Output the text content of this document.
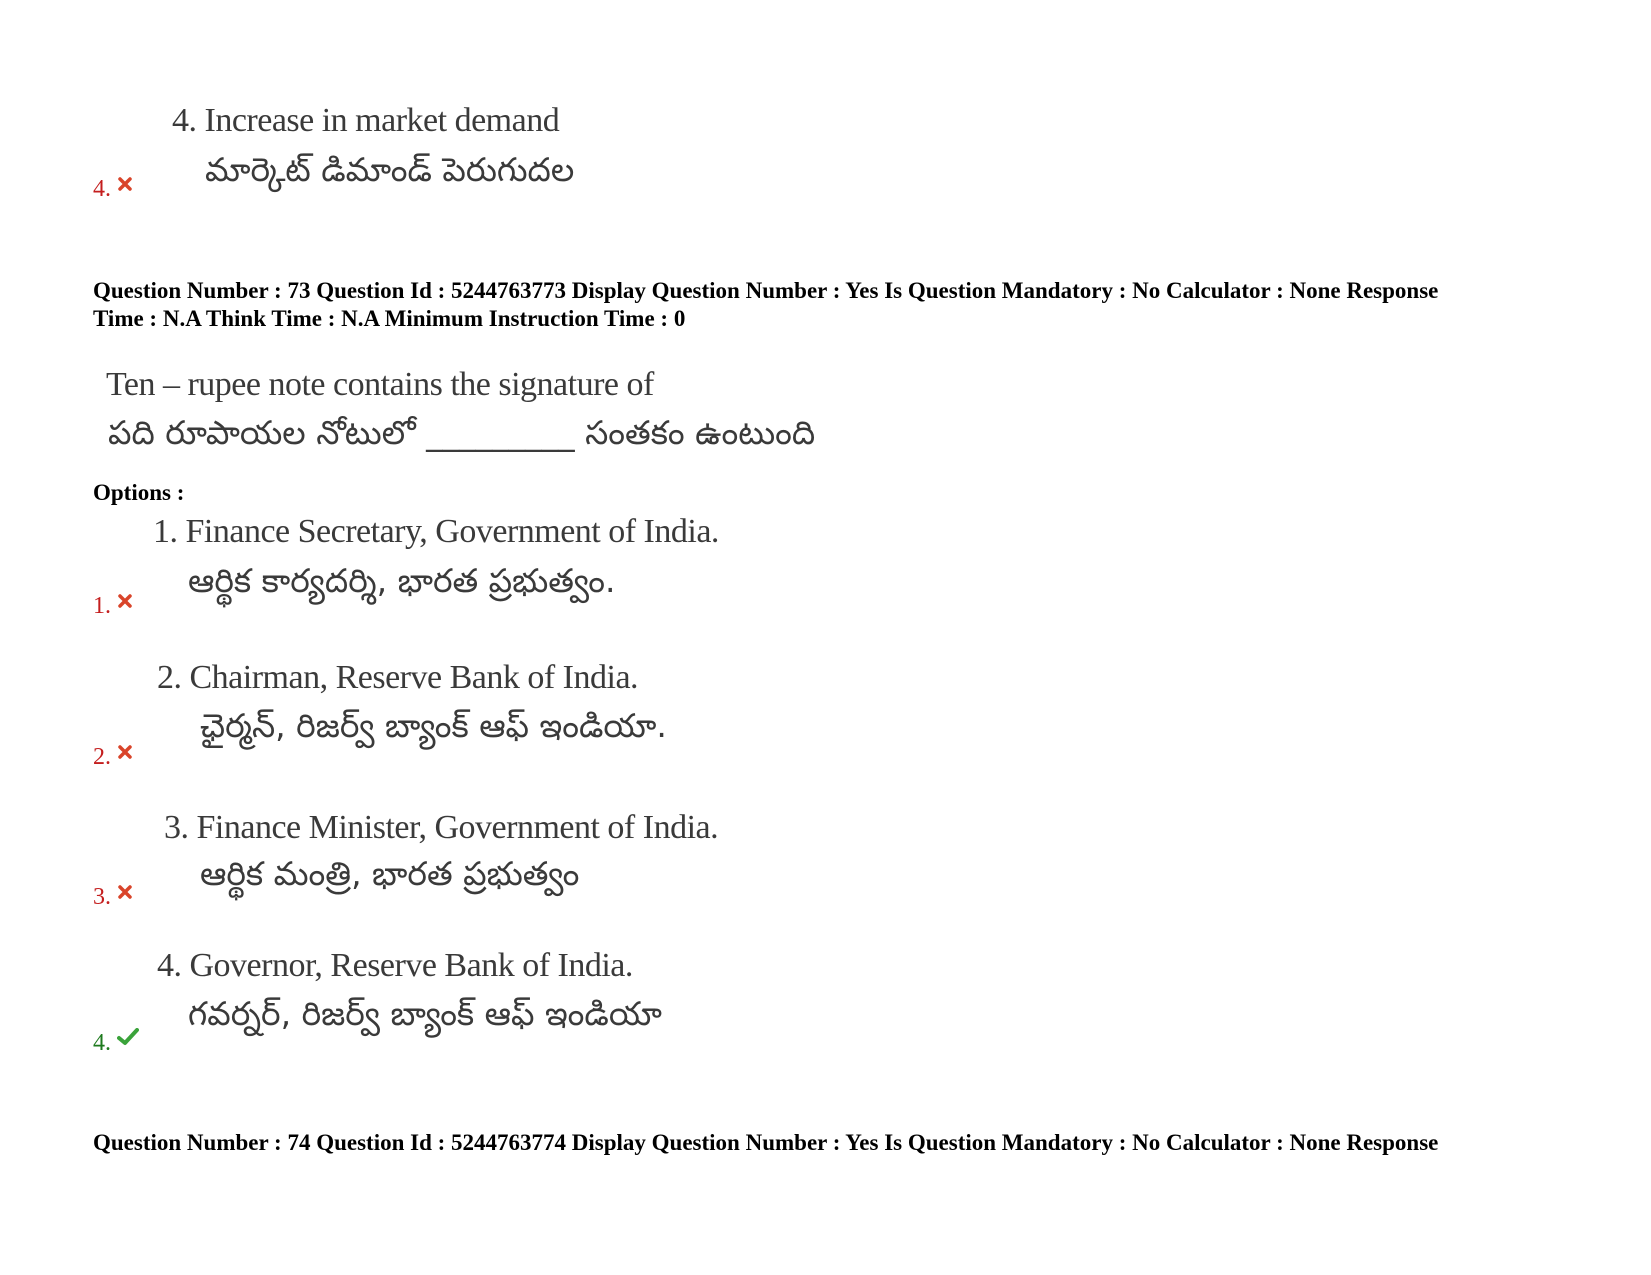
4. Increase in market demand
మార్కెట్ డిమాండ్ పెరుగుదల
4.
Question Number : 73 Question Id : 5244763773 Display Question Number : Yes Is Question Mandatory : No Calculator : None Response
Time : N.A Think Time : N.A Minimum Instruction Time : 0
Ten – rupee note contains the signature of
పది రూపాయల నోటులో _________ సంతకం ఉంటుంది
Options :
1. Finance Secretary, Government of India.
ఆర్థిక కార్యదర్శి, భారత ప్రభుత్వం.
1.
2. Chairman, Reserve Bank of India.
ఛైర్మన్, రిజర్వ్ బ్యాంక్ ఆఫ్ ఇండియా.
2.
3. Finance Minister, Government of India.
ఆర్థిక మంత్రి, భారత ప్రభుత్వం
3.
4. Governor, Reserve Bank of India.
గవర్నర్, రిజర్వ్ బ్యాంక్ ఆఫ్ ఇండియా
4.
Question Number : 74 Question Id : 5244763774 Display Question Number : Yes Is Question Mandatory : No Calculator : None Response
